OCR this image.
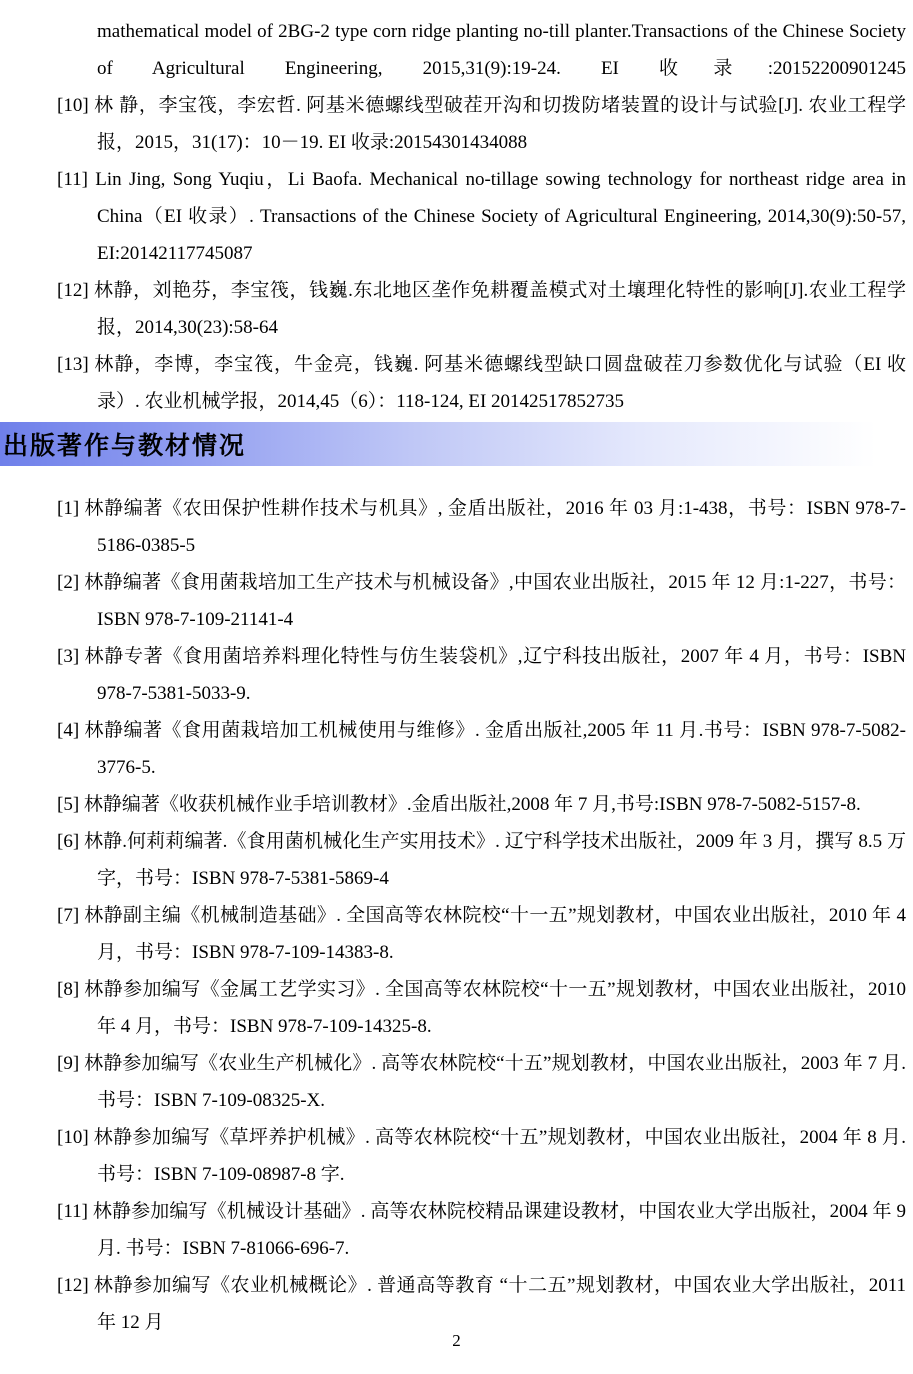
mathematical model of 2BG-2 type corn ridge planting no-till planter.Transactions of the Chinese Society of Agricultural Engineering, 2015,31(9):19-24. EI 收录:20152200901245
[10] 林 静，李宝筏，李宏哲. 阿基米德螺线型破茬开沟和切拨防堵装置的设计与试验[J]. 农业工程学报，2015，31(17)：10－19. EI 收录:20154301434088
[11] Lin Jing, Song Yuqiu，Li Baofa. Mechanical no-tillage sowing technology for northeast ridge area in China（EI 收录）. Transactions of the Chinese Society of Agricultural Engineering, 2014,30(9):50-57, EI:20142117745087
[12] 林静，刘艳芬，李宝筏，钱巍.东北地区垄作免耕覆盖模式对土壤理化特性的影响[J].农业工程学报，2014,30(23):58-64
[13] 林静，李博，李宝筏，牛金亮，钱巍. 阿基米德螺线型缺口圆盘破茬刀参数优化与试验（EI 收录）. 农业机械学报，2014,45（6）：118-124, EI 20142517852735
出版著作与教材情况
[1] 林静编著《农田保护性耕作技术与机具》, 金盾出版社，2016 年 03 月:1-438，书号：ISBN 978-7-5186-0385-5
[2] 林静编著《食用菌栽培加工生产技术与机械设备》,中国农业出版社，2015 年 12 月:1-227，书号：ISBN 978-7-109-21141-4
[3] 林静专著《食用菌培养料理化特性与仿生装袋机》,辽宁科技出版社，2007 年 4 月，书号：ISBN 978-7-5381-5033-9.
[4] 林静编著《食用菌栽培加工机械使用与维修》. 金盾出版社,2005 年 11 月.书号：ISBN 978-7-5082-3776-5.
[5] 林静编著《收获机械作业手培训教材》.金盾出版社,2008 年 7 月,书号:ISBN 978-7-5082-5157-8.
[6] 林静.何莉莉编著.《食用菌机械化生产实用技术》. 辽宁科学技术出版社，2009 年 3 月，撰写 8.5 万字，书号：ISBN 978-7-5381-5869-4
[7] 林静副主编《机械制造基础》. 全国高等农林院校“十一五”规划教材，中国农业出版社，2010 年 4 月，书号：ISBN 978-7-109-14383-8.
[8] 林静参加编写《金属工艺学实习》. 全国高等农林院校“十一五”规划教材，中国农业出版社，2010 年 4 月，书号：ISBN 978-7-109-14325-8.
[9] 林静参加编写《农业生产机械化》. 高等农林院校“十五”规划教材，中国农业出版社，2003 年 7 月. 书号：ISBN 7-109-08325-X.
[10] 林静参加编写《草坪养护机械》. 高等农林院校“十五”规划教材，中国农业出版社，2004 年 8 月. 书号：ISBN 7-109-08987-8 字.
[11] 林静参加编写《机械设计基础》. 高等农林院校精品课建设教材，中国农业大学出版社，2004 年 9 月. 书号：ISBN 7-81066-696-7.
[12] 林静参加编写《农业机械概论》. 普通高等教育 “十二五”规划教材，中国农业大学出版社，2011 年 12 月
2
